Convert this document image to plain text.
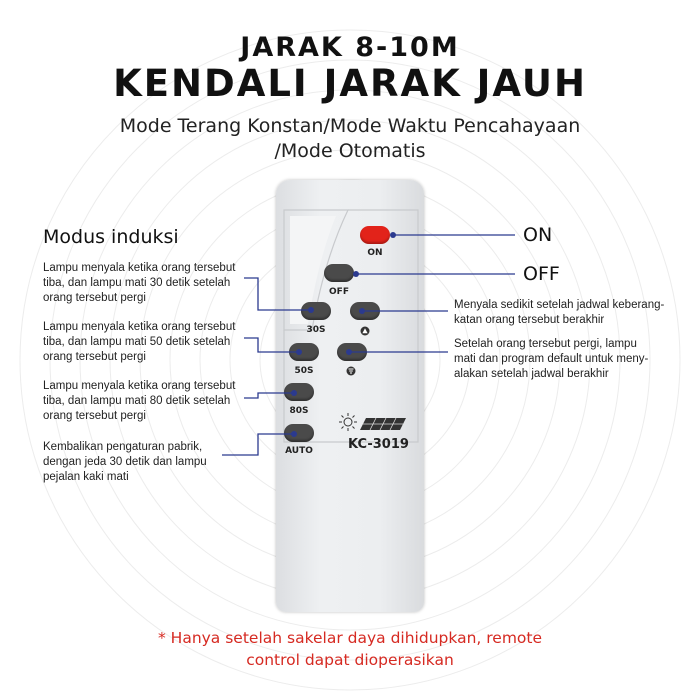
JARAK 8-10M
KENDALI JARAK JAUH
Mode Terang Konstan/Mode Waktu Pencahayaan
/Mode Otomatis
Modus induksi
Lampu menyala ketika orang tersebut
tiba, dan lampu mati 30 detik setelah
orang tersebut pergi
Lampu menyala ketika orang tersebut
tiba, dan lampu mati 50 detik setelah
orang tersebut pergi
Lampu menyala ketika orang tersebut
tiba, dan lampu mati 80 detik setelah
orang tersebut pergi
Kembalikan pengaturan pabrik,
dengan jeda 30 detik dan lampu
pejalan kaki mati
ON
OFF
Menyala sedikit setelah jadwal keberang-
katan orang tersebut berakhir
Setelah orang tersebut pergi, lampu
mati dan program default untuk meny-
alakan setelah jadwal berakhir
ON
OFF
30S
50S
80S
AUTO	KC-3019
* Hanya setelah sakelar daya dihidupkan, remote
control dapat dioperasikan
